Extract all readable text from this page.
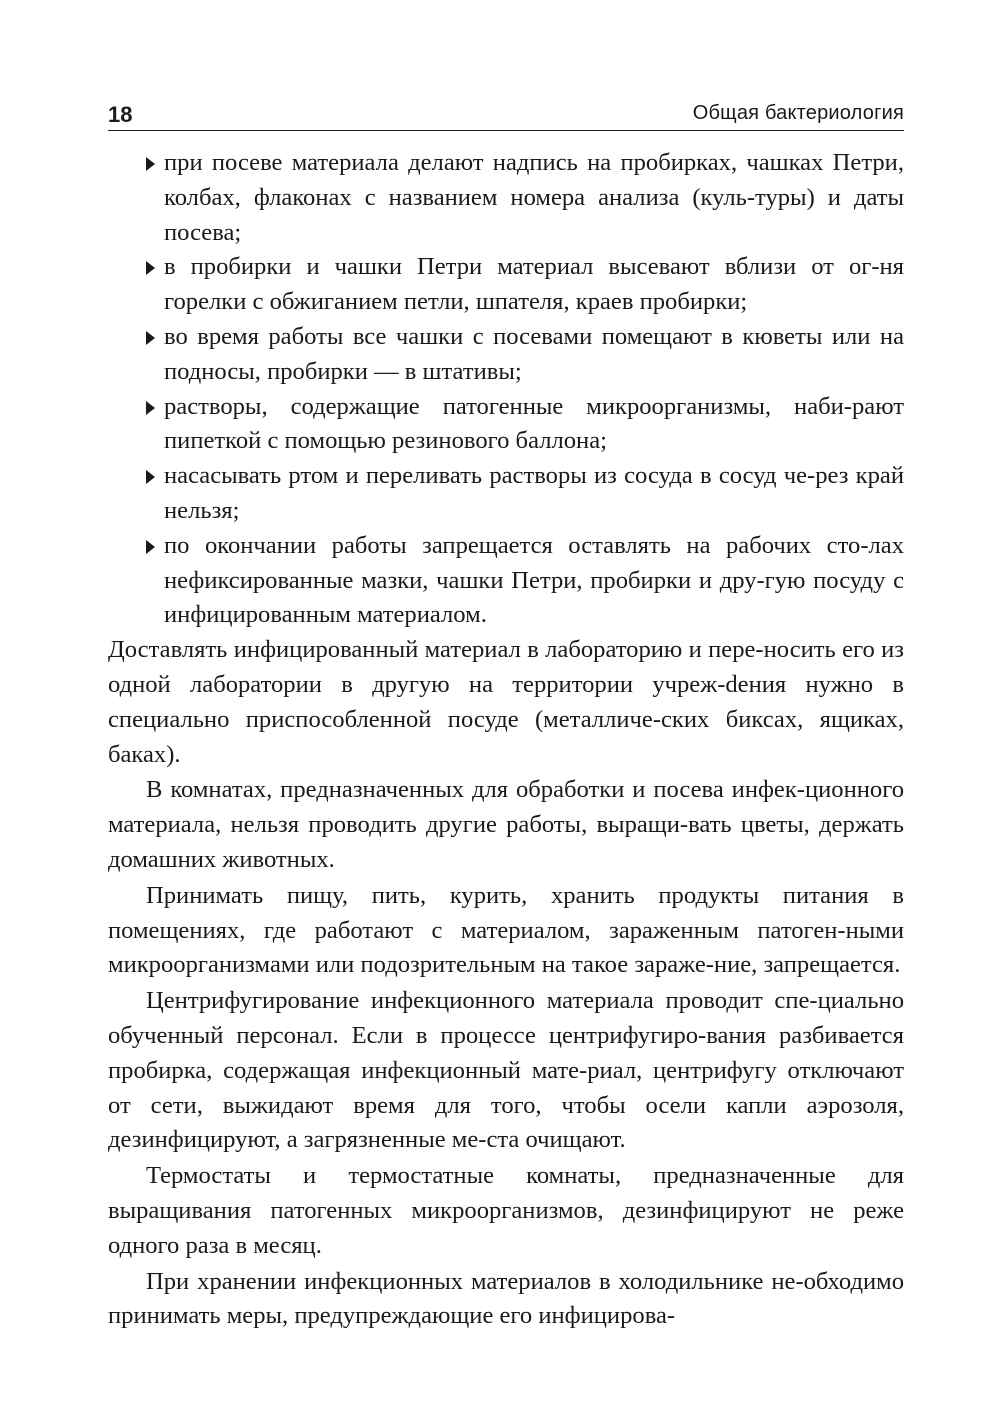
18	Общая бактериология
при посеве материала делают надпись на пробирках, чашках Петри, колбах, флаконах с названием номера анализа (куль-туры) и даты посева;
в пробирки и чашки Петри материал высевают вблизи от ог-ня горелки с обжиганием петли, шпателя, краев пробирки;
во время работы все чашки с посевами помещают в кюветы или на подносы, пробирки — в штативы;
растворы, содержащие патогенные микроорганизмы, наби-рают пипеткой с помощью резинового баллона;
насасывать ртом и переливать растворы из сосуда в сосуд че-рез край нельзя;
по окончании работы запрещается оставлять на рабочих сто-лах нефиксированные мазки, чашки Петри, пробирки и дру-гую посуду с инфицированным материалом.

Доставлять инфицированный материал в лабораторию и пере-носить его из одной лаборатории в другую на территории учреж-dения нужно в специально приспособленной посуде (металличе-ских биксах, ящиках, баках).

В комнатах, предназначенных для обработки и посева инфек-ционного материала, нельзя проводить другие работы, выращи-вать цветы, держать домашних животных.

Принимать пищу, пить, курить, хранить продукты питания в помещениях, где работают с материалом, зараженным патоген-ными микроорганизмами или подозрительным на такое зараже-ние, запрещается.

Центрифугирование инфекционного материала проводит спе-циально обученный персонал. Если в процессе центрифугиро-вания разбивается пробирка, содержащая инфекционный мате-риал, центрифугу отключают от сети, выжидают время для того, чтобы осели капли аэрозоля, дезинфицируют, а загрязненные ме-ста очищают.

Термостаты и термостатные комнаты, предназначенные для выращивания патогенных микроорганизмов, дезинфицируют не реже одного раза в месяц.

При хранении инфекционных материалов в холодильнике не-обходимо принимать меры, предупреждающие его инфицирова-
